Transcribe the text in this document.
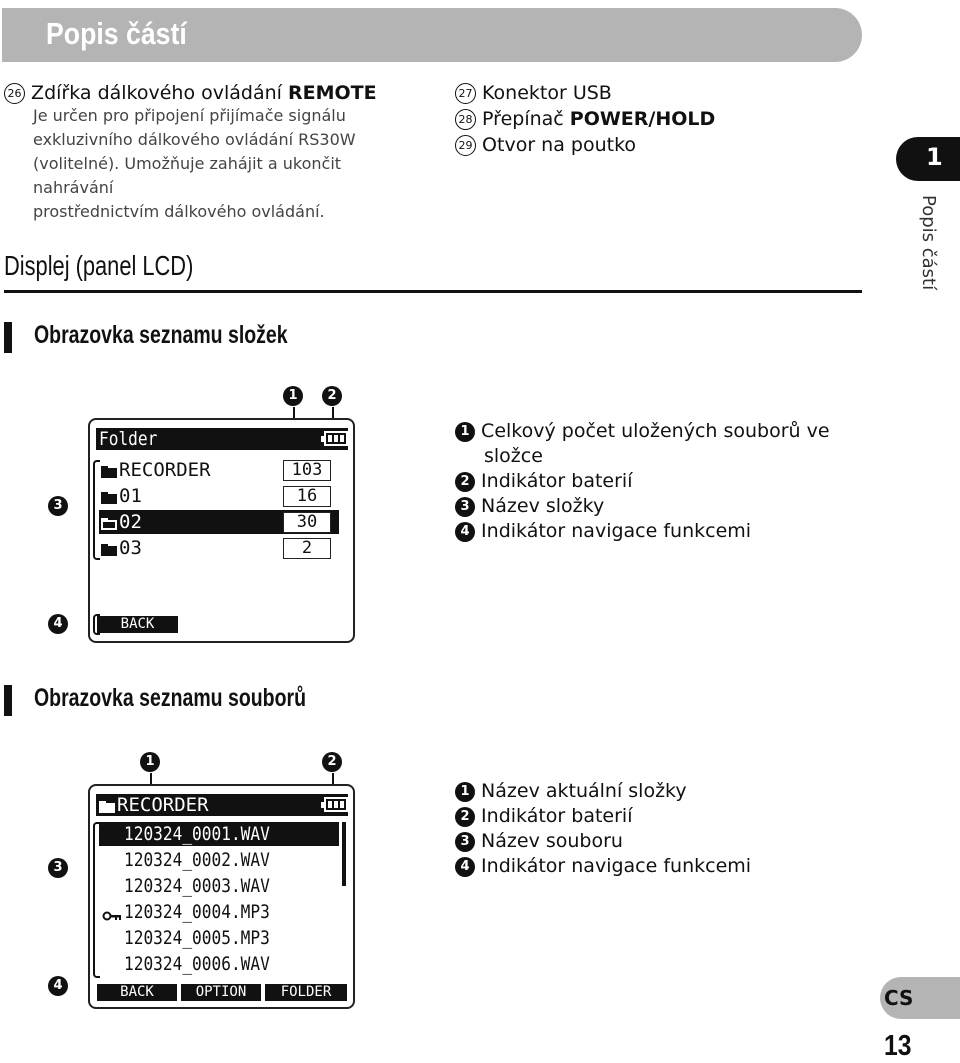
Popis částí
26 Zdířka dálkového ovládání REMOTE
Je určen pro připojení přijímače signálu
exkluzivního dálkového ovládání RS30W
(volitelné). Umožňuje zahájit a ukončit nahrávání
prostřednictvím dálkového ovládání.
27 Konektor USB
28 Přepínač POWER/HOLD
29 Otvor na poutko	1
Popis částí
Displej (panel LCD)
Obrazovka seznamu složek
1	2
3
4
Folder
RECORDER	103
01	16
02	30
03	2
BACK
1 Celkový počet uložených souborů ve
složce
2 Indikátor baterií
3 Název složky
4 Indikátor navigace funkcemi
Obrazovka seznamu souborů
1	2
3
4
RECORDER
120324_0001.WAV
120324_0002.WAV
120324_0003.WAV
120324_0004.MP3
120324_0005.MP3
120324_0006.WAV
BACK	OPTION	FOLDER
1 Název aktuální složky
2 Indikátor baterií
3 Název souboru
4 Indikátor navigace funkcemi
CS
13
